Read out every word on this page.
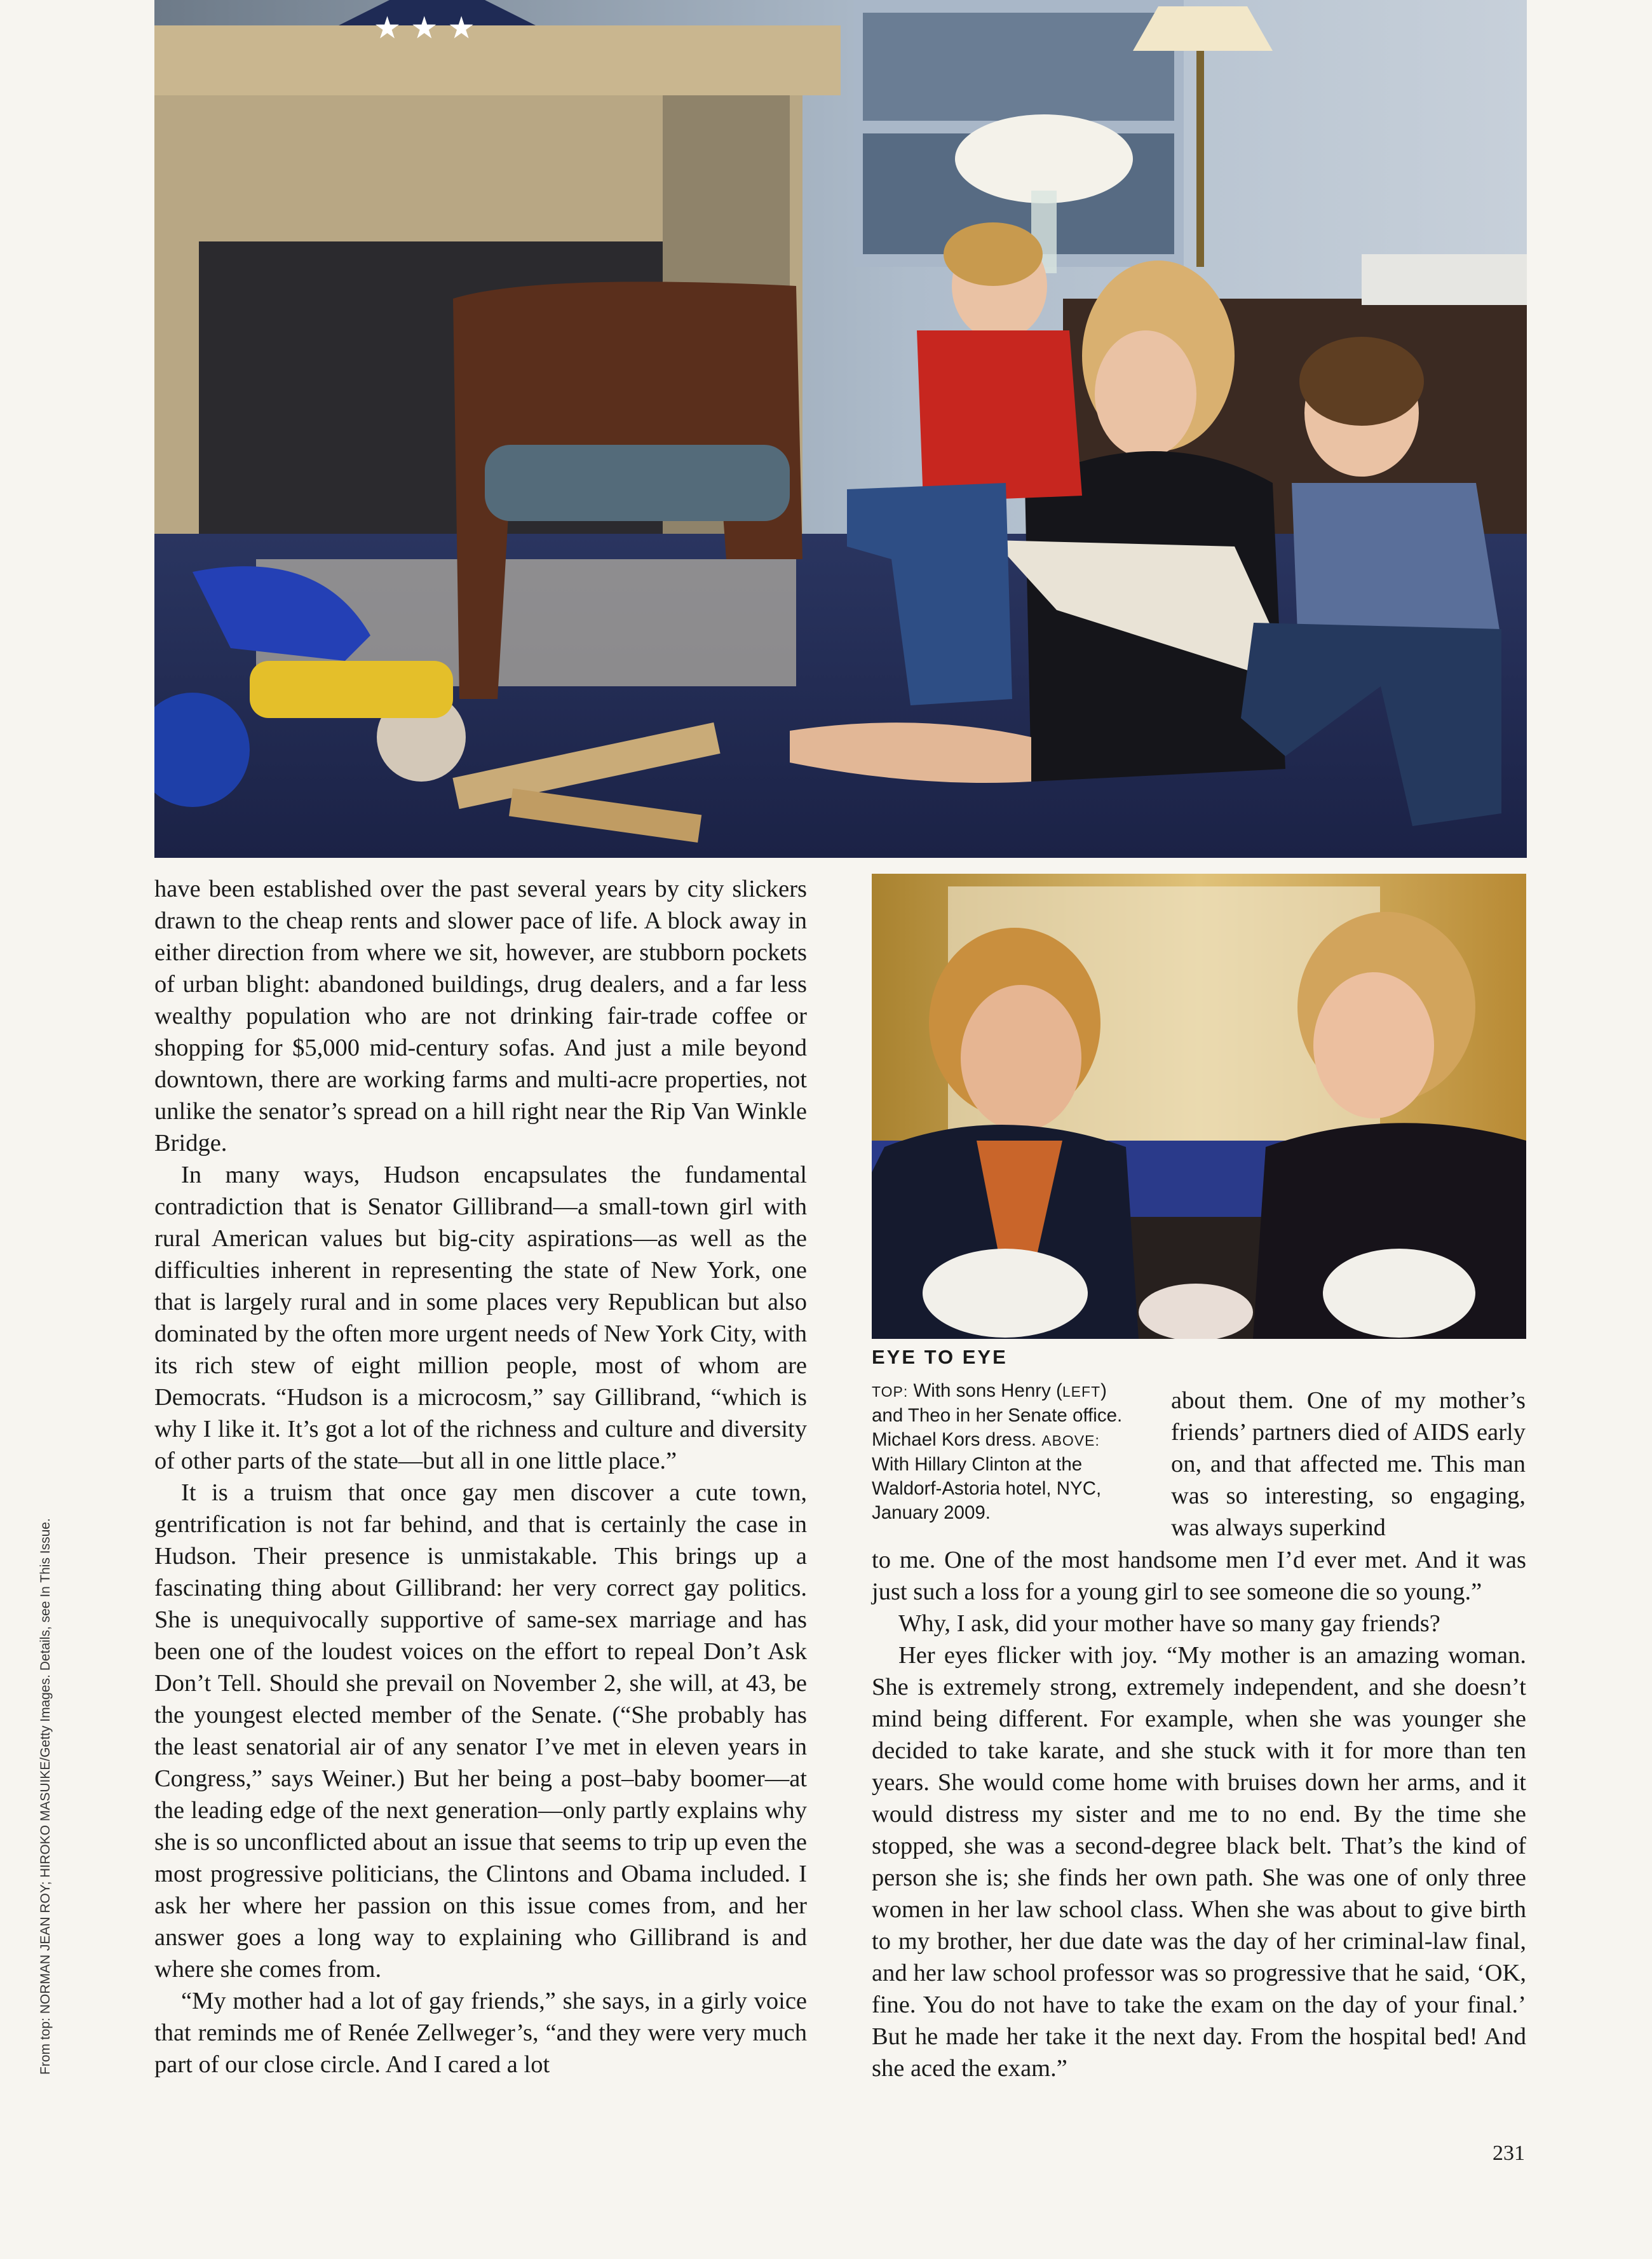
★ ★ ★

have been established over the past several years by city slickers drawn to the cheap rents and slower pace of life. A block away in either direction from where we sit, however, are stubborn pockets of urban blight: abandoned buildings, drug dealers, and a far less wealthy population who are not drinking fair-trade coffee or shopping for $5,000 mid-century sofas. And just a mile beyond downtown, there are working farms and multi-acre properties, not unlike the senator’s spread on a hill right near the Rip Van Winkle Bridge.

In many ways, Hudson encapsulates the fundamental contradiction that is Senator Gillibrand—a small-town girl with rural American values but big-city aspirations—as well as the difficulties inherent in representing the state of New York, one that is largely rural and in some places very Republican but also dominated by the often more urgent needs of New York City, with its rich stew of eight million people, most of whom are Democrats. “Hudson is a microcosm,” say Gillibrand, “which is why I like it. It’s got a lot of the richness and culture and diversity of other parts of the state—but all in one little place.”

It is a truism that once gay men discover a cute town, gentrification is not far behind, and that is certainly the case in Hudson. Their presence is unmistakable. This brings up a fascinating thing about Gillibrand: her very correct gay politics. She is unequivocally supportive of same-sex marriage and has been one of the loudest voices on the effort to repeal Don’t Ask Don’t Tell. Should she prevail on November 2, she will, at 43, be the youngest elected member of the Senate. (“She probably has the least senatorial air of any senator I’ve met in eleven years in Congress,” says Weiner.) But her being a post–baby boomer—at the leading edge of the next generation—only partly explains why she is so unconflicted about an issue that seems to trip up even the most progressive politicians, the Clintons and Obama included. I ask her where her passion on this issue comes from, and her answer goes a long way to explaining who Gillibrand is and where she comes from.

“My mother had a lot of gay friends,” she says, in a girly voice that reminds me of Renée Zellweger’s, “and they were very much part of our close circle. And I cared a lot

EYE TO EYE

TOP: With sons Henry (LEFT) and Theo in her Senate office. Michael Kors dress. ABOVE: With Hillary Clinton at the Waldorf-Astoria hotel, NYC, January 2009.

about them. One of my mother’s friends’ partners died of AIDS early on, and that affected me. This man was so interesting, so engaging, was always superkind

to me. One of the most handsome men I’d ever met. And it was just such a loss for a young girl to see someone die so young.”

Why, I ask, did your mother have so many gay friends?

Her eyes flicker with joy. “My mother is an amazing woman. She is extremely strong, extremely independent, and she doesn’t mind being different. For example, when she was younger she decided to take karate, and she stuck with it for more than ten years. She would come home with bruises down her arms, and it would distress my sister and me to no end. By the time she stopped, she was a second-degree black belt. That’s the kind of person she is; she finds her own path. She was one of only three women in her law school class. When she was about to give birth to my brother, her due date was the day of her criminal-law final, and her law school professor was so progressive that he said, ‘OK, fine. You do not have to take the exam on the day of your final.’ But he made her take it the next day. From the hospital bed! And she aced the exam.”

From top: NORMAN JEAN ROY; HIROKO MASUIKE/Getty Images. Details, see In This Issue.
231
